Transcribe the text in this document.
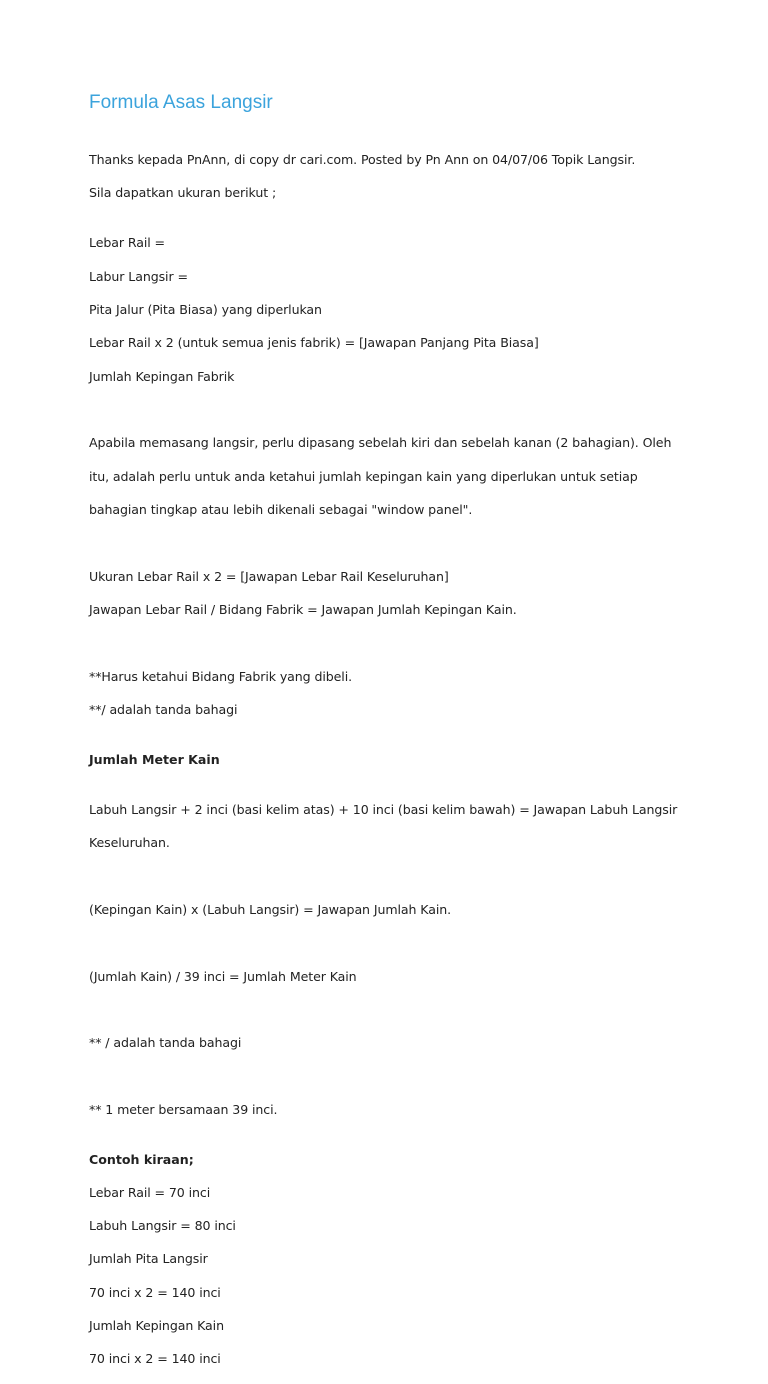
Formula Asas Langsir

Thanks kepada PnAnn, di copy dr cari.com. Posted by Pn Ann on 04/07/06 Topik Langsir.

Sila dapatkan ukuran berikut ;

Lebar Rail =

Labur Langsir =

Pita Jalur (Pita Biasa) yang diperlukan

Lebar Rail x 2 (untuk semua jenis fabrik) = [Jawapan Panjang Pita Biasa]

Jumlah Kepingan Fabrik

Apabila memasang langsir, perlu dipasang sebelah kiri dan sebelah kanan (2 bahagian). Oleh

itu, adalah perlu untuk anda ketahui jumlah kepingan kain yang diperlukan untuk setiap

bahagian tingkap atau lebih dikenali sebagai "window panel".

Ukuran Lebar Rail x 2 = [Jawapan Lebar Rail Keseluruhan]

Jawapan Lebar Rail / Bidang Fabrik = Jawapan Jumlah Kepingan Kain.

**Harus ketahui Bidang Fabrik yang dibeli.

**/ adalah tanda bahagi

Jumlah Meter Kain

Labuh Langsir + 2 inci (basi kelim atas) + 10 inci (basi kelim bawah) = Jawapan Labuh Langsir

Keseluruhan.

(Kepingan Kain) x (Labuh Langsir) = Jawapan Jumlah Kain.

(Jumlah Kain) / 39 inci = Jumlah Meter Kain

** / adalah tanda bahagi

** 1 meter bersamaan 39 inci.

Contoh kiraan;

Lebar Rail = 70 inci

Labuh Langsir = 80 inci

Jumlah Pita Langsir

70 inci x 2 = 140 inci

Jumlah Kepingan Kain

70 inci x 2 = 140 inci
